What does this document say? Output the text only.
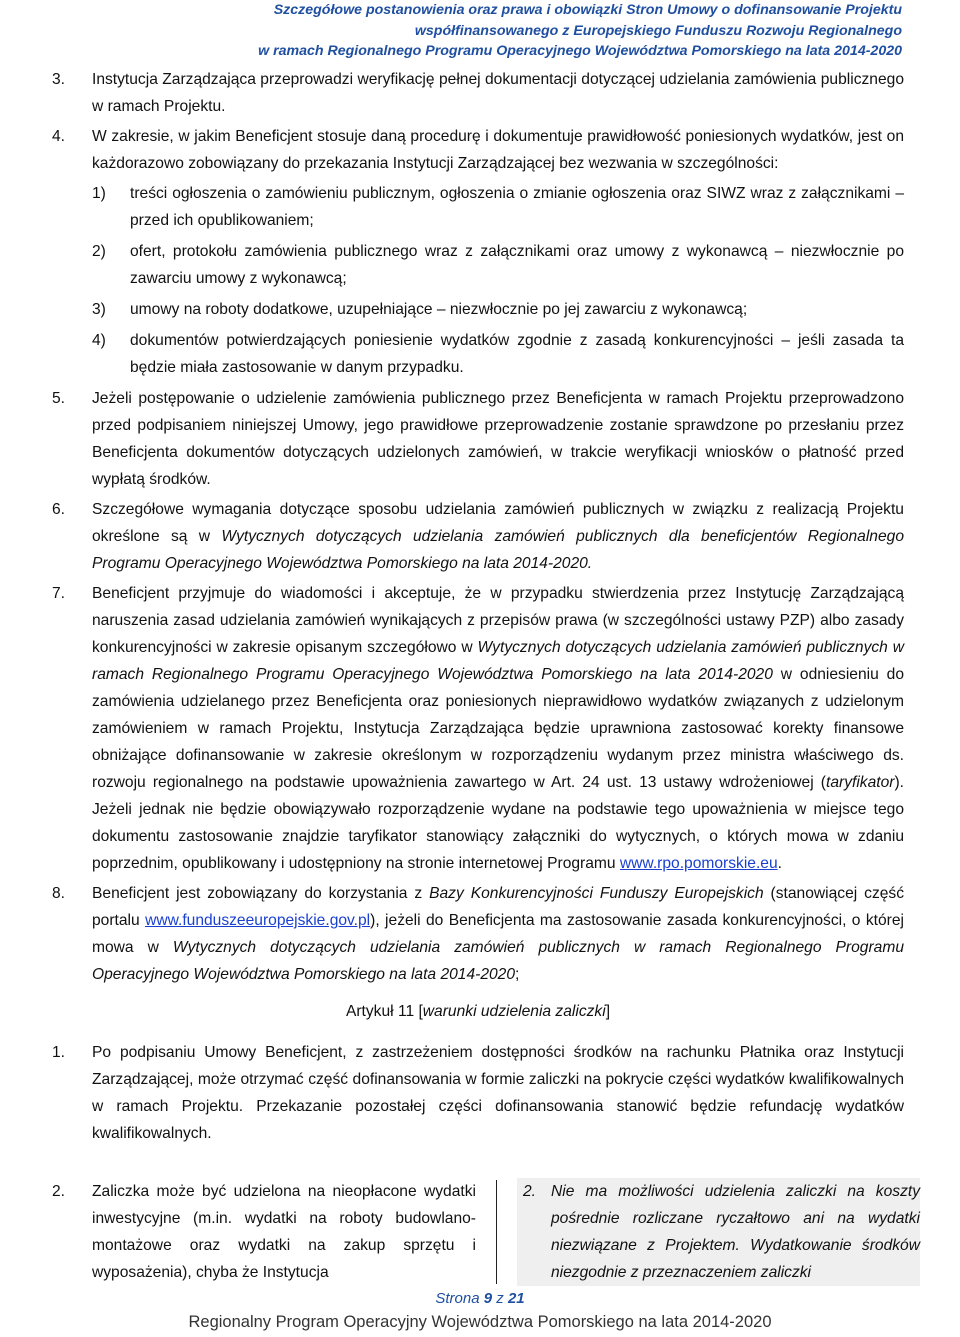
Szczegółowe postanowienia oraz prawa i obowiązki Stron Umowy o dofinansowanie Projektu
współfinansowanego z Europejskiego Funduszu Rozwoju Regionalnego
w ramach Regionalnego Programu Operacyjnego Województwa Pomorskiego na lata 2014-2020
3.	Instytucja Zarządzająca przeprowadzi weryfikację pełnej dokumentacji dotyczącej udzielania zamówienia publicznego w ramach Projektu.
4.	W zakresie, w jakim Beneficjent stosuje daną procedurę i dokumentuje prawidłowość poniesionych wydatków, jest on każdorazowo zobowiązany do przekazania Instytucji Zarządzającej bez wezwania w szczególności:
1)	treści ogłoszenia o zamówieniu publicznym, ogłoszenia o zmianie ogłoszenia oraz SIWZ wraz z załącznikami – przed ich opublikowaniem;
2)	ofert, protokołu zamówienia publicznego wraz z załącznikami oraz umowy z wykonawcą – niezwłocznie po zawarciu umowy z wykonawcą;
3)	umowy na roboty dodatkowe, uzupełniające – niezwłocznie po jej zawarciu z wykonawcą;
4)	dokumentów potwierdzających poniesienie wydatków zgodnie z zasadą konkurencyjności – jeśli zasada ta będzie miała zastosowanie w danym przypadku.
5.	Jeżeli postępowanie o udzielenie zamówienia publicznego przez Beneficjenta w ramach Projektu przeprowadzono przed podpisaniem niniejszej Umowy, jego prawidłowe przeprowadzenie zostanie sprawdzone po przesłaniu przez Beneficjenta dokumentów dotyczących udzielonych zamówień, w trakcie weryfikacji wniosków o płatność przed wypłatą środków.
6.	Szczegółowe wymagania dotyczące sposobu udzielania zamówień publicznych w związku z realizacją Projektu określone są w Wytycznych dotyczących udzielania zamówień publicznych dla beneficjentów Regionalnego Programu Operacyjnego Województwa Pomorskiego na lata 2014-2020.
7.	Beneficjent przyjmuje do wiadomości i akceptuje, że w przypadku stwierdzenia przez Instytucję Zarządzającą naruszenia zasad udzielania zamówień wynikających z przepisów prawa (w szczególności ustawy PZP) albo zasady konkurencyjności w zakresie opisanym szczegółowo w Wytycznych dotyczących udzielania zamówień publicznych w ramach Regionalnego Programu Operacyjnego Województwa Pomorskiego na lata 2014-2020 w odniesieniu do zamówienia udzielanego przez Beneficjenta oraz poniesionych nieprawidłowo wydatków związanych z udzielonym zamówieniem w ramach Projektu, Instytucja Zarządzająca będzie uprawniona zastosować korekty finansowe obniżające dofinansowanie w zakresie określonym w rozporządzeniu wydanym przez ministra właściwego ds. rozwoju regionalnego na podstawie upoważnienia zawartego w Art. 24 ust. 13 ustawy wdrożeniowej (taryfikator). Jeżeli jednak nie będzie obowiązywało rozporządzenie wydane na podstawie tego upoważnienia w miejsce tego dokumentu zastosowanie znajdzie taryfikator stanowiący załączniki do wytycznych, o których mowa w zdaniu poprzednim, opublikowany i udostępniony na stronie internetowej Programu www.rpo.pomorskie.eu.
8.	Beneficjent jest zobowiązany do korzystania z Bazy Konkurencyjności Funduszy Europejskich (stanowiącej część portalu www.funduszeeuropejskie.gov.pl), jeżeli do Beneficjenta ma zastosowanie zasada konkurencyjności, o której mowa w Wytycznych dotyczących udzielania zamówień publicznych w ramach Regionalnego Programu Operacyjnego Województwa Pomorskiego na lata 2014-2020;
Artykuł 11 [warunki udzielenia zaliczki]
1.	Po podpisaniu Umowy Beneficjent, z zastrzeżeniem dostępności środków na rachunku Płatnika oraz Instytucji Zarządzającej, może otrzymać część dofinansowania w formie zaliczki na pokrycie części wydatków kwalifikowalnych w ramach Projektu. Przekazanie pozostałej części dofinansowania stanowić będzie refundację wydatków kwalifikowalnych.
2.	Zaliczka może być udzielona na nieopłacone wydatki inwestycyjne (m.in. wydatki na roboty budowlano-montażowe oraz wydatki na zakup sprzętu i wyposażenia), chyba że Instytucja
2. Nie ma możliwości udzielenia zaliczki na koszty pośrednie rozliczane ryczałtowo ani na wydatki niezwiązane z Projektem. Wydatkowanie środków niezgodnie z przeznaczeniem zaliczki
Strona 9 z 21
Regionalny Program Operacyjny Województwa Pomorskiego na lata 2014-2020
